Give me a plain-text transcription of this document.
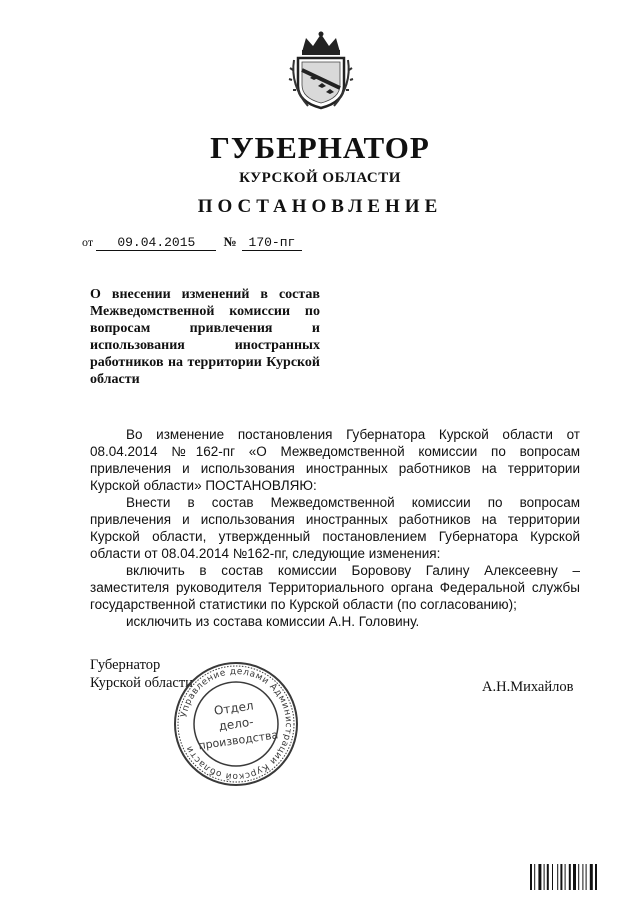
ГУБЕРНАТОР
КУРСКОЙ ОБЛАСТИ
ПОСТАНОВЛЕНИЕ
от 09.04.2015 № 170-пг
О внесении изменений в состав Межведомственной комиссии по вопросам привлечения и использования иностранных работников на территории Курской области

Во изменение постановления Губернатора Курской области от 08.04.2014 №162-пг «О Межведомственной комиссии по вопросам привлечения и использования иностранных работников на территории Курской области» ПОСТАНОВЛЯЮ:

Внести в состав Межведомственной комиссии по вопросам привлечения и использования иностранных работников на территории Курской области, утвержденный постановлением Губернатора Курской области от 08.04.2014 №162-пг, следующие изменения:

включить в состав комиссии Боровову Галину Алексеевну – заместителя руководителя Территориального органа Федеральной службы государственной статистики по Курской области (по согласованию);

исключить из состава комиссии А.Н. Головину.

Губернатор
Курской области	А.Н.Михайлов
Управление делами Администрации Курской области
Отдел
дело-
производства
